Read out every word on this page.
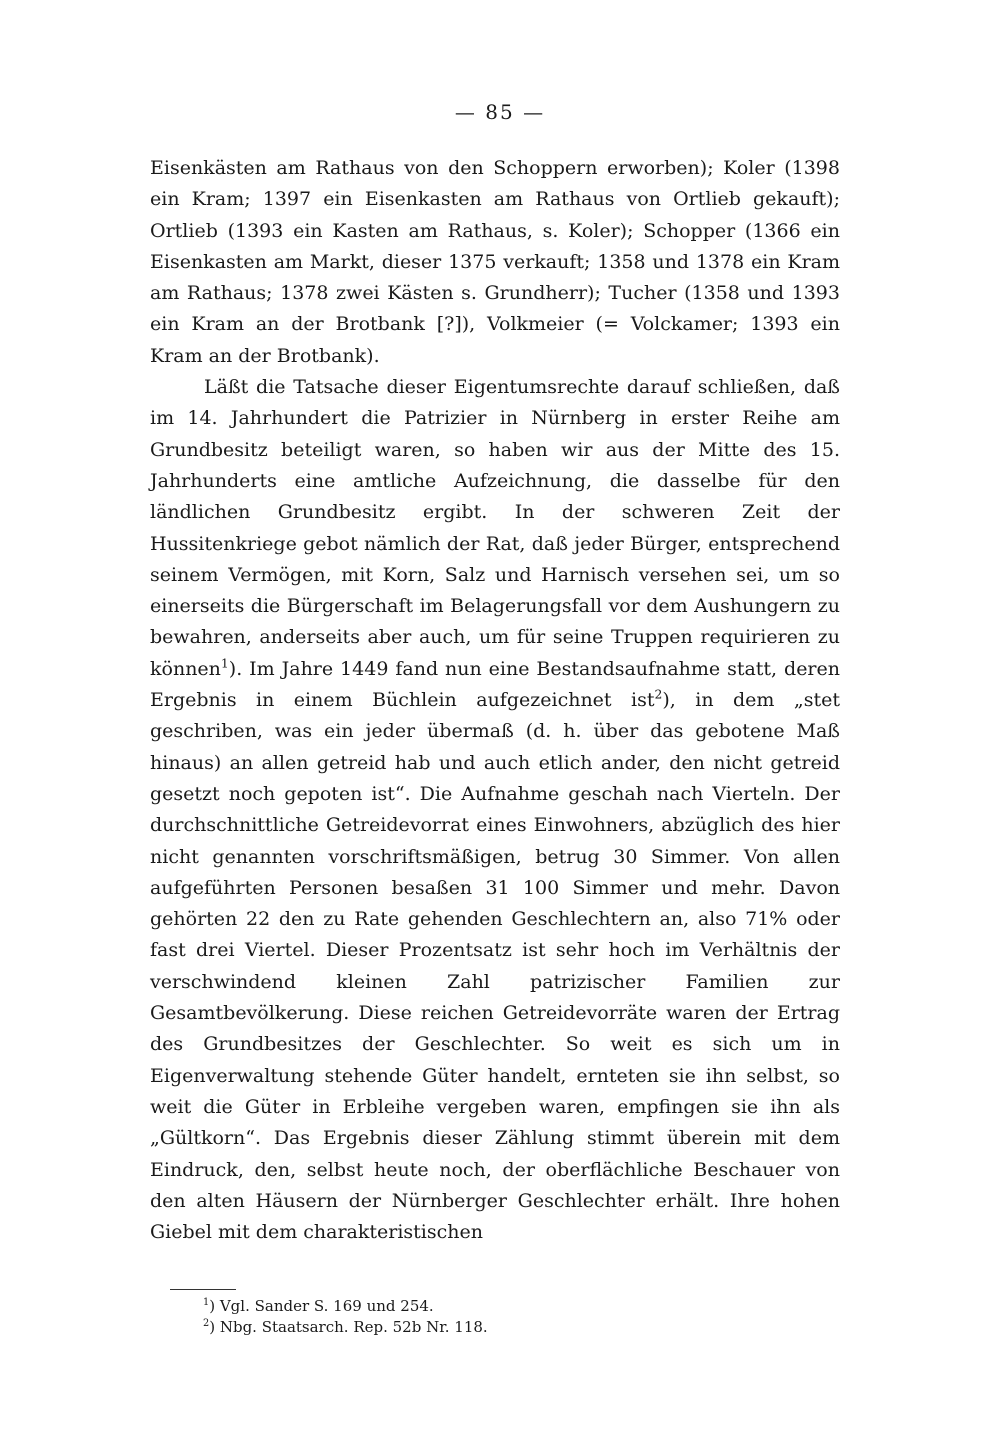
— 85 —

Eisenkästen am Rathaus von den Schoppern erworben); Koler (1398 ein Kram; 1397 ein Eisenkasten am Rathaus von Ortlieb gekauft); Ortlieb (1393 ein Kasten am Rathaus, s. Koler); Schopper (1366 ein Eisenkasten am Markt, dieser 1375 verkauft; 1358 und 1378 ein Kram am Rathaus; 1378 zwei Kästen s. Grundherr); Tucher (1358 und 1393 ein Kram an der Brotbank [?]), Volkmeier (= Volckamer; 1393 ein Kram an der Brotbank).

Läßt die Tatsache dieser Eigentumsrechte darauf schließen, daß im 14. Jahrhundert die Patrizier in Nürnberg in erster Reihe am Grundbesitz beteiligt waren, so haben wir aus der Mitte des 15. Jahrhunderts eine amtliche Aufzeichnung, die dasselbe für den ländlichen Grundbesitz ergibt. In der schweren Zeit der Hussitenkriege gebot nämlich der Rat, daß jeder Bürger, entsprechend seinem Vermögen, mit Korn, Salz und Harnisch versehen sei, um so einerseits die Bürgerschaft im Belagerungsfall vor dem Aushungern zu bewahren, anderseits aber auch, um für seine Truppen requirieren zu können$^1$). Im Jahre 1449 fand nun eine Bestandsaufnahme statt, deren Ergebnis in einem Büchlein aufgezeichnet ist$^2$), in dem „stet geschriben, was ein jeder übermaß (d. h. über das gebotene Maß hinaus) an allen getreid hab und auch etlich ander, den nicht getreid gesetzt noch gepoten ist“. Die Aufnahme geschah nach Vierteln. Der durchschnittliche Getreidevorrat eines Einwohners, abzüglich des hier nicht genannten vorschriftsmäßigen, betrug 30 Simmer. Von allen aufgeführten Personen besaßen 31 100 Simmer und mehr. Davon gehörten 22 den zu Rate gehenden Geschlechtern an, also 71% oder fast drei Viertel. Dieser Prozentsatz ist sehr hoch im Verhältnis der verschwindend kleinen Zahl patrizischer Familien zur Gesamtbevölkerung. Diese reichen Getreidevorräte waren der Ertrag des Grundbesitzes der Geschlechter. So weit es sich um in Eigenverwaltung stehende Güter handelt, ernteten sie ihn selbst, so weit die Güter in Erbleihe vergeben waren, empfingen sie ihn als „Gültkorn“. Das Ergebnis dieser Zählung stimmt überein mit dem Eindruck, den, selbst heute noch, der oberflächliche Beschauer von den alten Häusern der Nürnberger Geschlechter erhält. Ihre hohen Giebel mit dem charakteristischen

$^1$) Vgl. Sander S. 169 und 254.
$^2$) Nbg. Staatsarch. Rep. 52b Nr. 118.
